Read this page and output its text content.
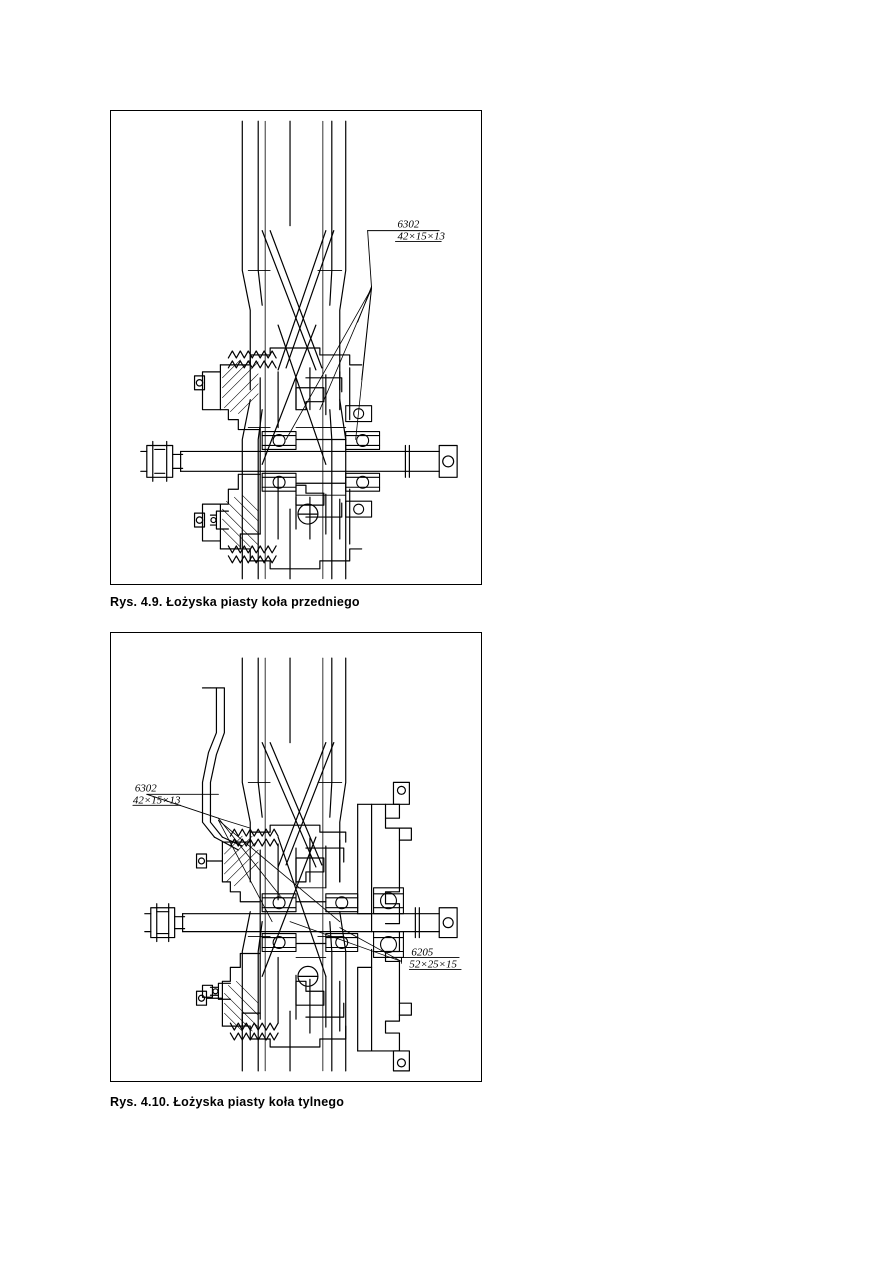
6302
42×15×13
Rys. 4.9. Łożyska piasty koła przedniego
6302
42×15×13
6205
52×25×15
Rys. 4.10. Łożyska piasty koła tylnego
